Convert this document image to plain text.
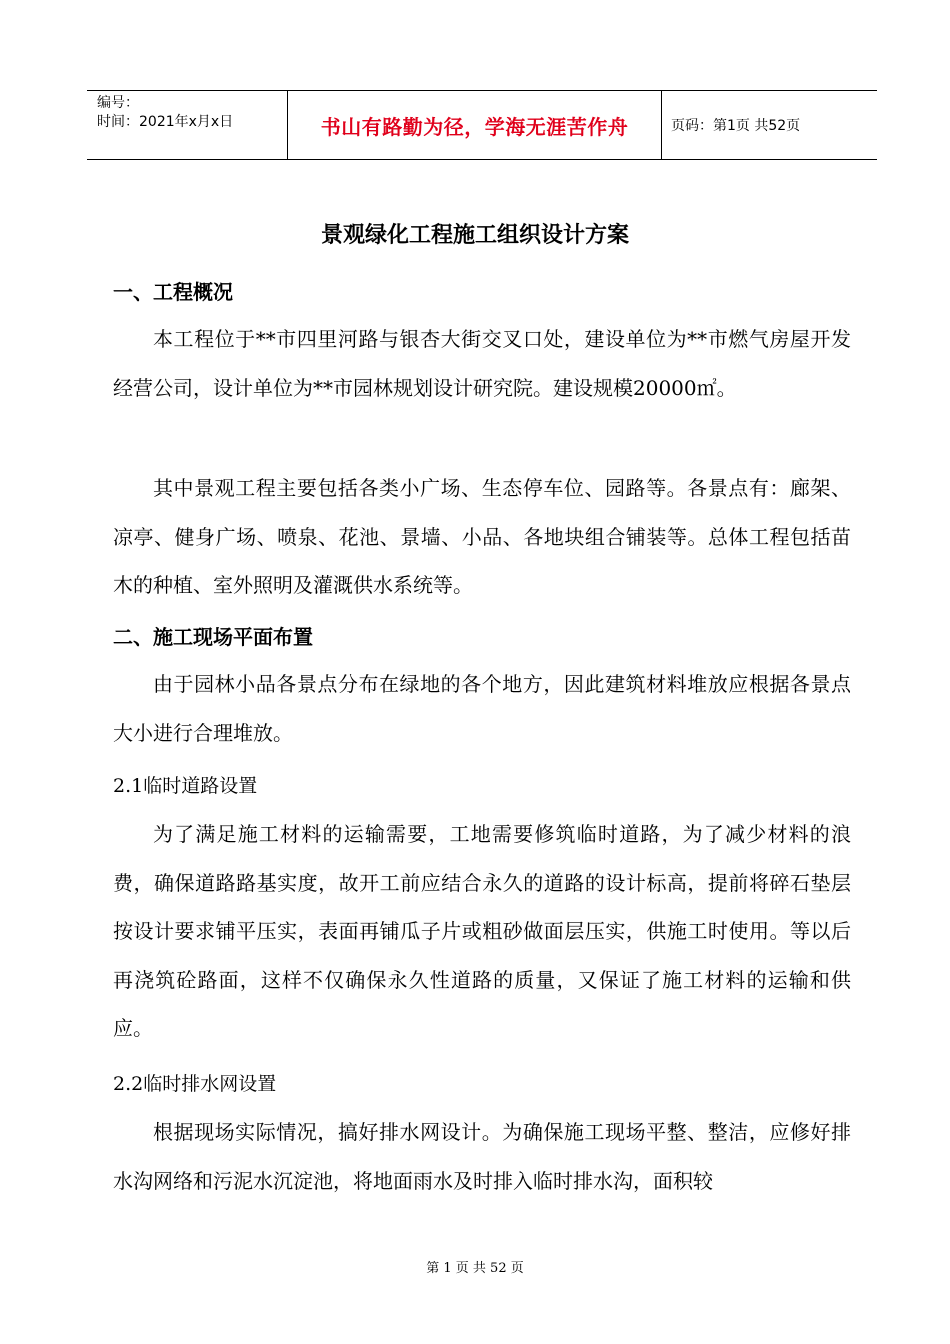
编号：
时间：2021年x月x日	书山有路勤为径，学海无涯苦作舟	页码：第1页 共52页
景观绿化工程施工组织设计方案
一、工程概况

本工程位于**市四里河路与银杏大街交叉口处，建设单位为**市燃气房屋开发经营公司，设计单位为**市园林规划设计研究院。建设规模20000㎡。

其中景观工程主要包括各类小广场、生态停车位、园路等。各景点有：廊架、凉亭、健身广场、喷泉、花池、景墙、小品、各地块组合铺装等。总体工程包括苗木的种植、室外照明及灌溉供水系统等。

二、施工现场平面布置

由于园林小品各景点分布在绿地的各个地方，因此建筑材料堆放应根据各景点大小进行合理堆放。

2.1临时道路设置

为了满足施工材料的运输需要，工地需要修筑临时道路，为了减少材料的浪费，确保道路路基实度，故开工前应结合永久的道路的设计标高，提前将碎石垫层按设计要求铺平压实，表面再铺瓜子片或粗砂做面层压实，供施工时使用。等以后再浇筑砼路面，这样不仅确保永久性道路的质量，又保证了施工材料的运输和供应。

2.2临时排水网设置

根据现场实际情况，搞好排水网设计。为确保施工现场平整、整洁，应修好排水沟网络和污泥水沉淀池，将地面雨水及时排入临时排水沟，面积较

第 1 页 共 52 页
